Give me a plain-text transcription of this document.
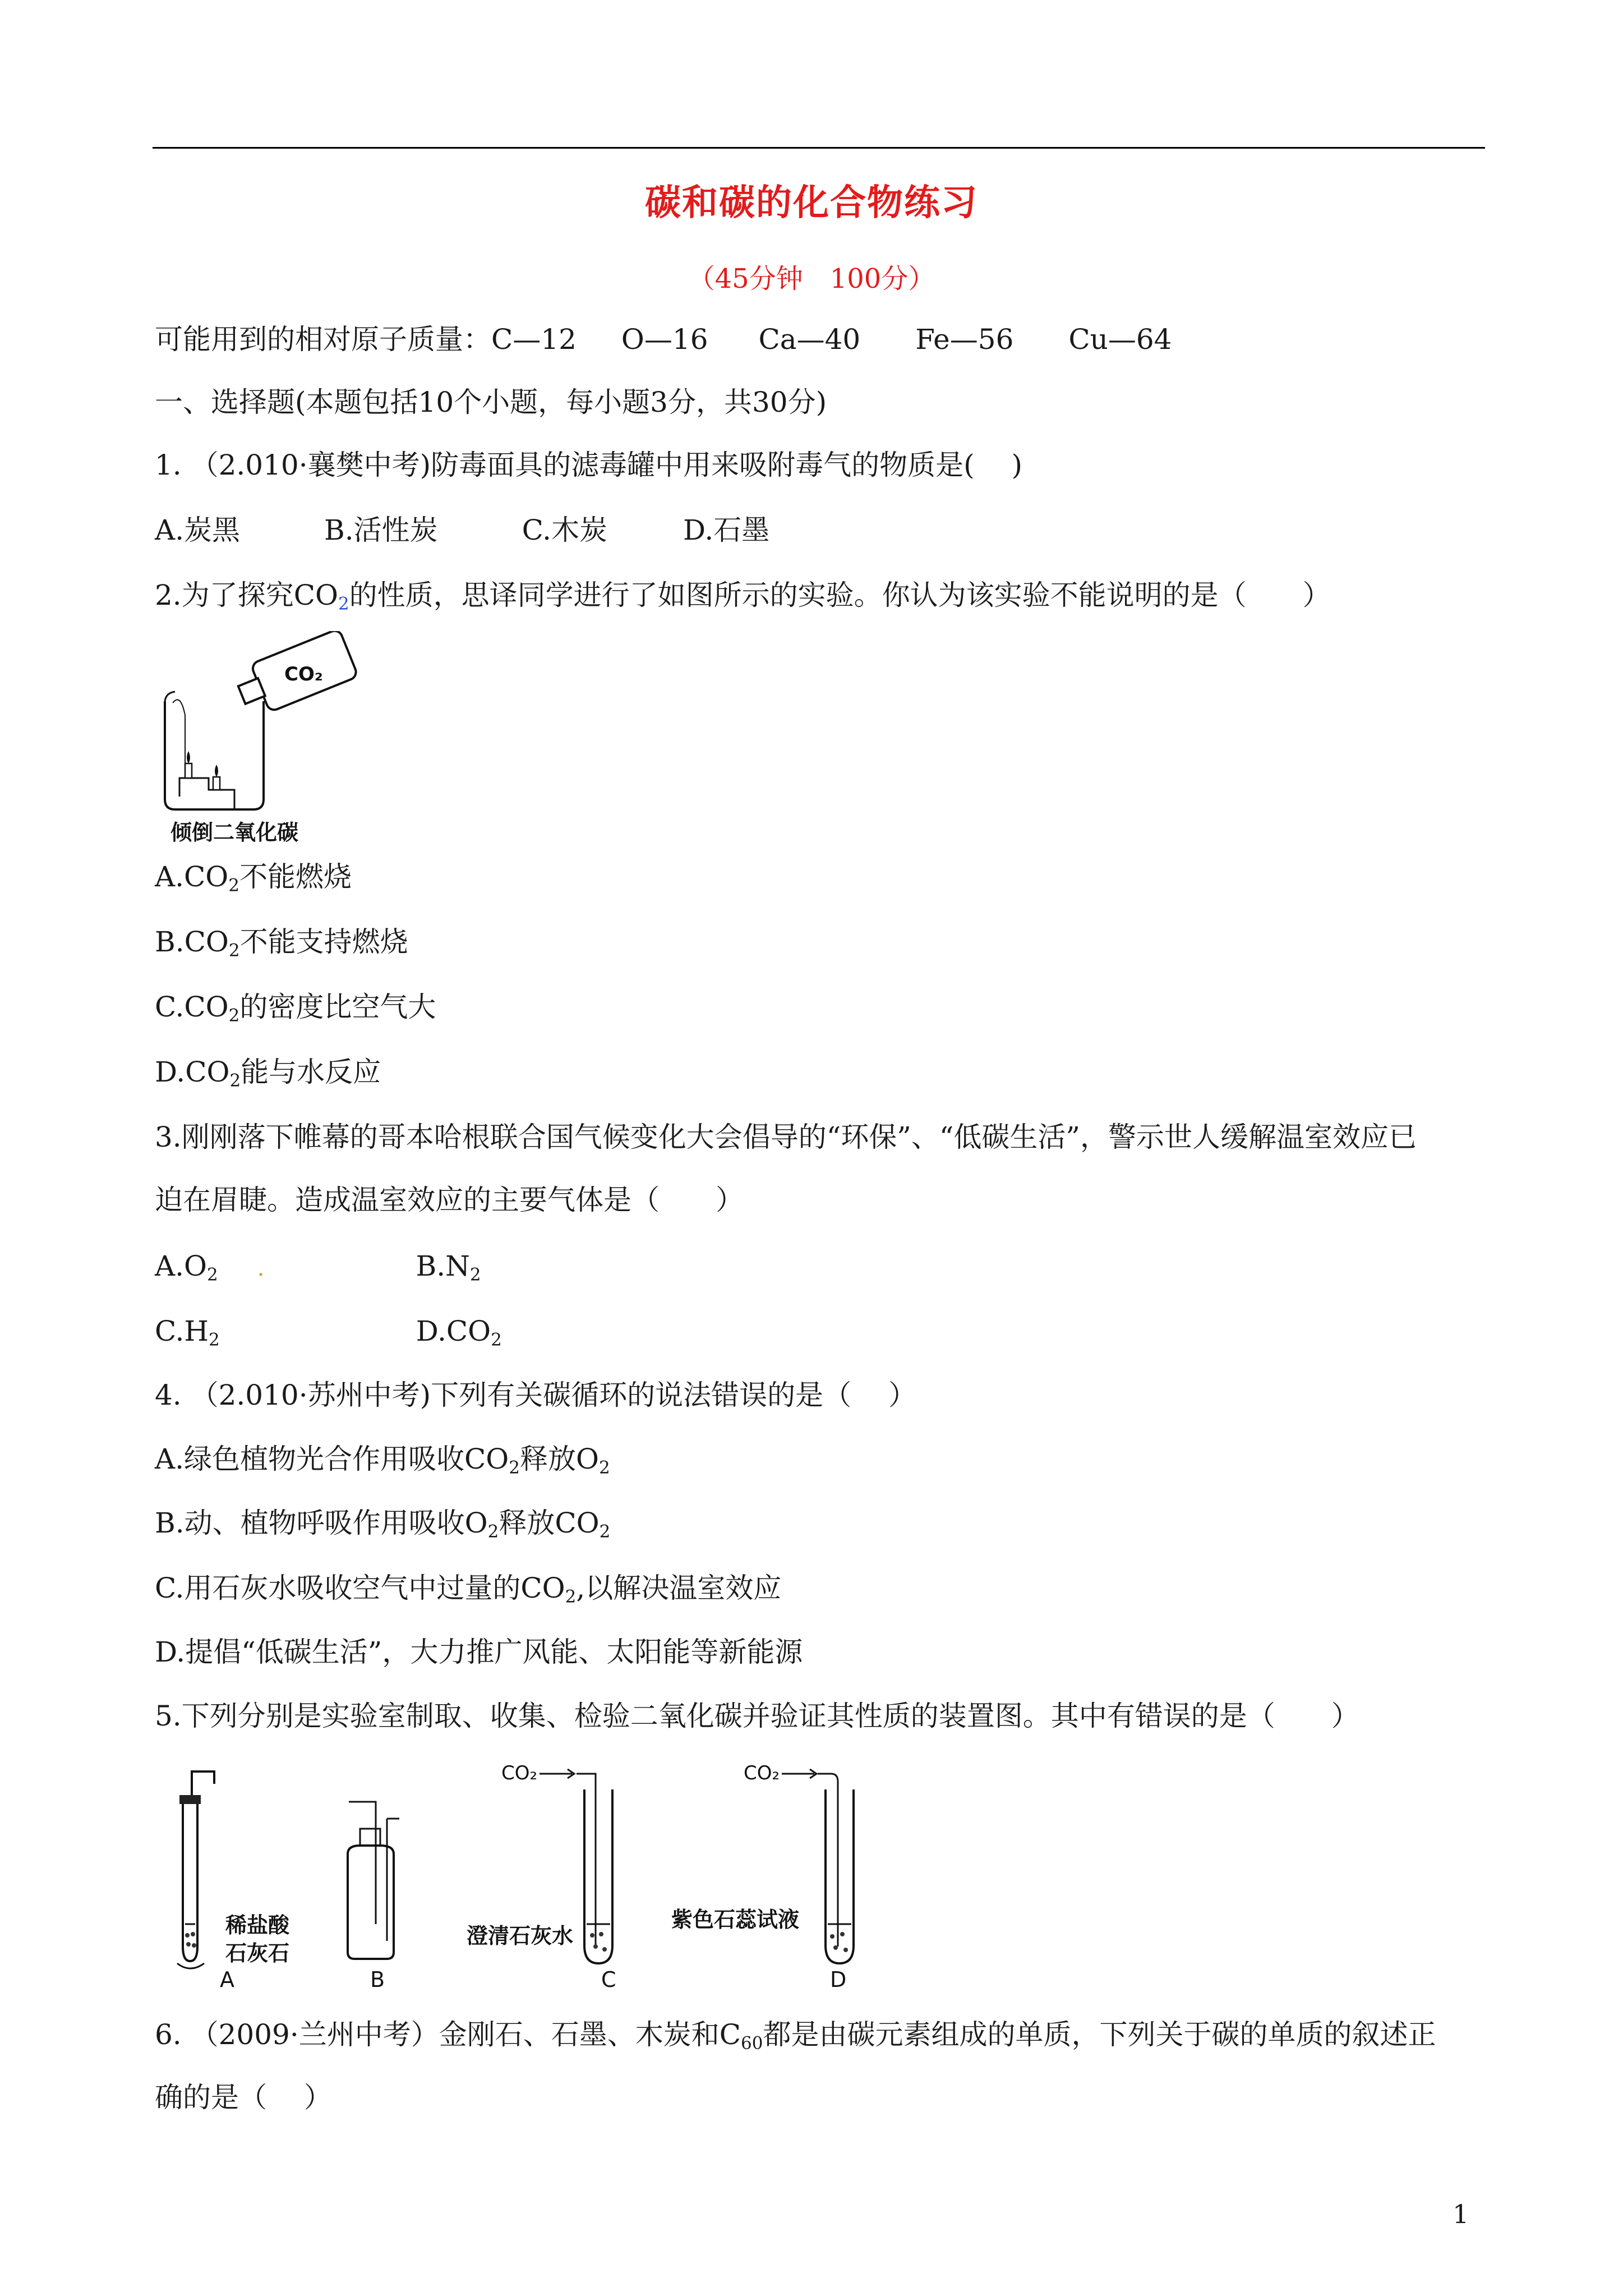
碳和碳的化合物练习
（45分钟　100分）
可能用到的相对原子质量：C—12 O—16 Ca—40 Fe—56 Cu—64
一、选择题(本题包括10个小题，每小题3分，共30分)
1. （2.010·襄樊中考)防毒面具的滤毒罐中用来吸附毒气的物质是(　 )
A.炭黑	B.活性炭	C.木炭	D.石墨
2.为了探究$CO_2$的性质，思译同学进行了如图所示的实验。你认为该实验不能说明的是（　　）
CO₂
倾倒二氧化碳
$A.CO_2$不能燃烧
$B.CO_2$不能支持燃烧
$C.CO_2$的密度比空气大
$D.CO_2$能与水反应
3.刚刚落下帷幕的哥本哈根联合国气候变化大会倡导的“环保”、“低碳生活”，警示世人缓解温室效应已
迫在眉睫。造成温室效应的主要气体是（　　）
$A.O_2$ .	$B.N_2$
$C.H_2$	$D.CO_2$
4. （2.010·苏州中考)下列有关碳循环的说法错误的是（　 ）
A.绿色植物光合作用吸收$CO_2$释放$O_2$
B.动、植物呼吸作用吸收$O_2$释放$CO_2$
C.用石灰水吸收空气中过量的$CO_2$,以解决温室效应
D.提倡“低碳生活”，大力推广风能、太阳能等新能源
5.下列分别是实验室制取、收集、检验二氧化碳并验证其性质的装置图。其中有错误的是（　　）
稀盐酸
石灰石
A	B
CO₂
澄清石灰水
C
CO₂
紫色石蕊试液
D
6. （2009·兰州中考）金刚石、石墨、木炭和$C_{60}$都是由碳元素组成的单质，下列关于碳的单质的叙述正
确的是（　 ）
1
